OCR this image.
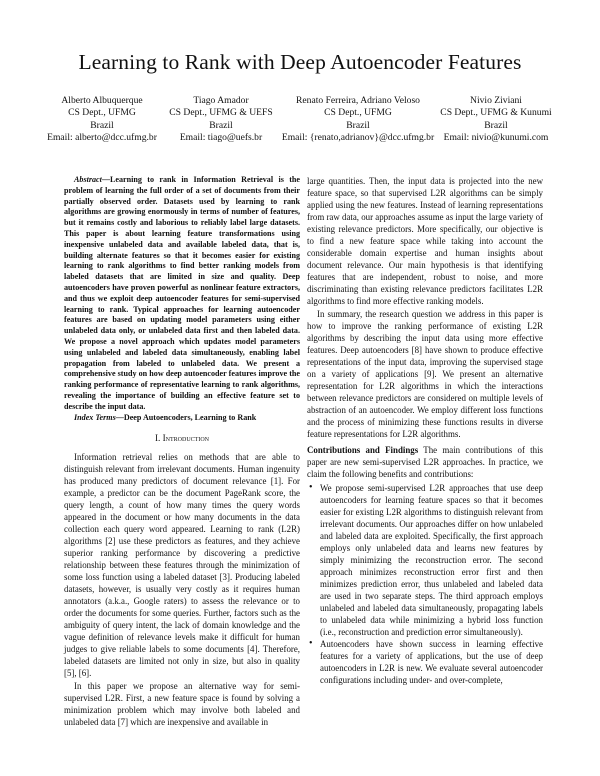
Learning to Rank with Deep Autoencoder Features
Alberto Albuquerque
CS Dept., UFMG
Brazil
Email: alberto@dcc.ufmg.br
Tiago Amador
CS Dept., UFMG & UEFS
Brazil
Email: tiago@uefs.br
Renato Ferreira, Adriano Veloso
CS Dept., UFMG
Brazil
Email: {renato,adrianov}@dcc.ufmg.br
Nivio Ziviani
CS Dept., UFMG & Kunumi
Brazil
Email: nivio@kunumi.com

Abstract—Learning to rank in Information Retrieval is the problem of learning the full order of a set of documents from their partially observed order. Datasets used by learning to rank algorithms are growing enormously in terms of number of features, but it remains costly and laborious to reliably label large datasets. This paper is about learning feature transformations using inexpensive unlabeled data and available labeled data, that is, building alternate features so that it becomes easier for existing learning to rank algorithms to find better ranking models from labeled datasets that are limited in size and quality. Deep autoencoders have proven powerful as nonlinear feature extractors, and thus we exploit deep autoencoder features for semi-supervised learning to rank. Typical approaches for learning autoencoder features are based on updating model parameters using either unlabeled data only, or unlabeled data first and then labeled data. We propose a novel approach which updates model parameters using unlabeled and labeled data simultaneously, enabling label propagation from labeled to unlabeled data. We present a comprehensive study on how deep autoencoder features improve the ranking performance of representative learning to rank algorithms, revealing the importance of building an effective feature set to describe the input data.

Index Terms—Deep Autoencoders, Learning to Rank

I. Introduction

Information retrieval relies on methods that are able to distinguish relevant from irrelevant documents. Human ingenuity has produced many predictors of document relevance [1]. For example, a predictor can be the document PageRank score, the query length, a count of how many times the query words appeared in the document or how many documents in the data collection each query word appeared. Learning to rank (L2R) algorithms [2] use these predictors as features, and they achieve superior ranking performance by discovering a predictive relationship between these features through the minimization of some loss function using a labeled dataset [3]. Producing labeled datasets, however, is usually very costly as it requires human annotators (a.k.a., Google raters) to assess the relevance or to order the documents for some queries. Further, factors such as the ambiguity of query intent, the lack of domain knowledge and the vague definition of relevance levels make it difficult for human judges to give reliable labels to some documents [4]. Therefore, labeled datasets are limited not only in size, but also in quality [5], [6].

In this paper we propose an alternative way for semi-supervised L2R. First, a new feature space is found by solving a minimization problem which may involve both labeled and unlabeled data [7] which are inexpensive and available in

large quantities. Then, the input data is projected into the new feature space, so that supervised L2R algorithms can be simply applied using the new features. Instead of learning representations from raw data, our approaches assume as input the large variety of existing relevance predictors. More specifically, our objective is to find a new feature space while taking into account the considerable domain expertise and human insights about document relevance. Our main hypothesis is that identifying features that are independent, robust to noise, and more discriminating than existing relevance predictors facilitates L2R algorithms to find more effective ranking models.

In summary, the research question we address in this paper is how to improve the ranking performance of existing L2R algorithms by describing the input data using more effective features. Deep autoencoders [8] have shown to produce effective representations of the input data, improving the supervised stage on a variety of applications [9]. We present an alternative representation for L2R algorithms in which the interactions between relevance predictors are considered on multiple levels of abstraction of an autoencoder. We employ different loss functions and the process of minimizing these functions results in diverse feature representations for L2R algorithms.

Contributions and Findings The main contributions of this paper are new semi-supervised L2R approaches. In practice, we claim the following benefits and contributions:

• We propose semi-supervised L2R approaches that use deep autoencoders for learning feature spaces so that it becomes easier for existing L2R algorithms to distinguish relevant from irrelevant documents. Our approaches differ on how unlabeled and labeled data are exploited. Specifically, the first approach employs only unlabeled data and learns new features by simply minimizing the reconstruction error. The second approach minimizes reconstruction error first and then minimizes prediction error, thus unlabeled and labeled data are used in two separate steps. The third approach employs unlabeled and labeled data simultaneously, propagating labels to unlabeled data while minimizing a hybrid loss function (i.e., reconstruction and prediction error simultaneously).
• Autoencoders have shown success in learning effective features for a variety of applications, but the use of deep autoencoders in L2R is new. We evaluate several autoencoder configurations including under- and over-complete,
